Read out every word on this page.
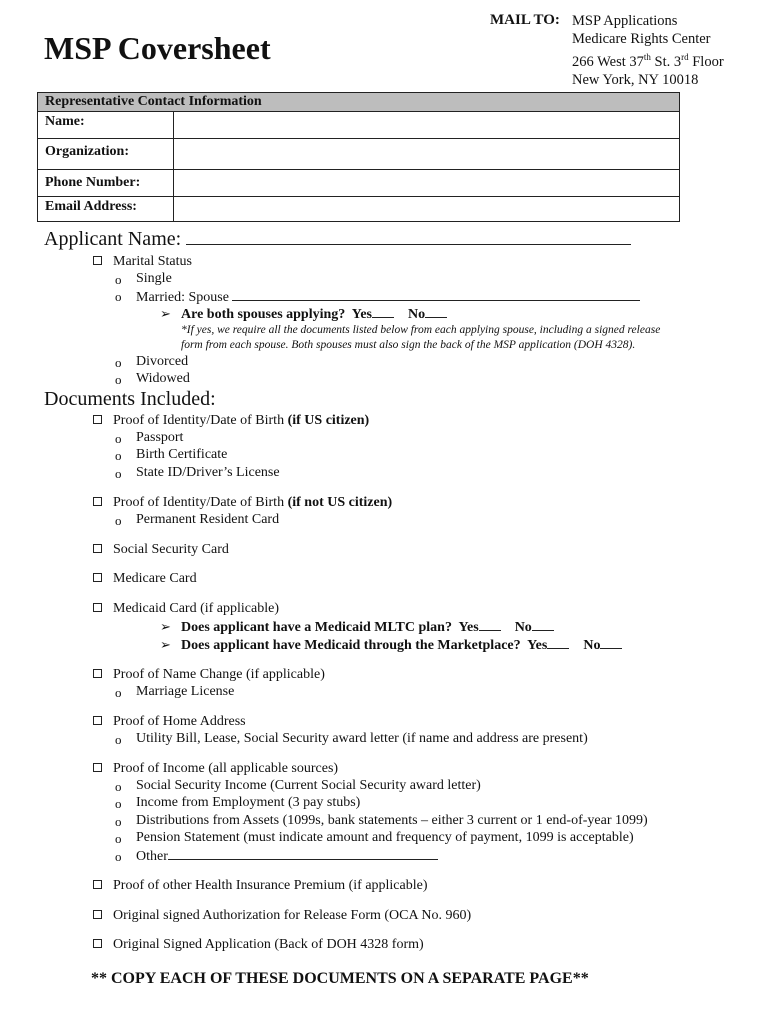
MSP Coversheet
MAIL TO: MSP Applications
Medicare Rights Center
266 West 37th St. 3rd Floor
New York, NY 10018
Representative Contact Information
Name:
Organization:
Phone Number:
Email Address:
Applicant Name:
Marital Status
o Single
o Married: Spouse
➢ Are both spouses applying? Yes	No
*If yes, we require all the documents listed below from each applying spouse, including a signed release
form from each spouse. Both spouses must also sign the back of the MSP application (DOH 4328).
o Divorced
o Widowed
Documents Included:
Proof of Identity/Date of Birth (if US citizen)
o Passport
o Birth Certificate
o State ID/Driver’s License
Proof of Identity/Date of Birth (if not US citizen)
o Permanent Resident Card
Social Security Card
Medicare Card
Medicaid Card (if applicable)
➢ Does applicant have a Medicaid MLTC plan? Yes	No
➢ Does applicant have Medicaid through the Marketplace? Yes	No
Proof of Name Change (if applicable)
o Marriage License
Proof of Home Address
o Utility Bill, Lease, Social Security award letter (if name and address are present)
Proof of Income (all applicable sources)
o Social Security Income (Current Social Security award letter)
o Income from Employment (3 pay stubs)
o Distributions from Assets (1099s, bank statements – either 3 current or 1 end-of-year 1099)
o Pension Statement (must indicate amount and frequency of payment, 1099 is acceptable)
o Other
Proof of other Health Insurance Premium (if applicable)
Original signed Authorization for Release Form (OCA No. 960)
Original Signed Application (Back of DOH 4328 form)
** COPY EACH OF THESE DOCUMENTS ON A SEPARATE PAGE**
